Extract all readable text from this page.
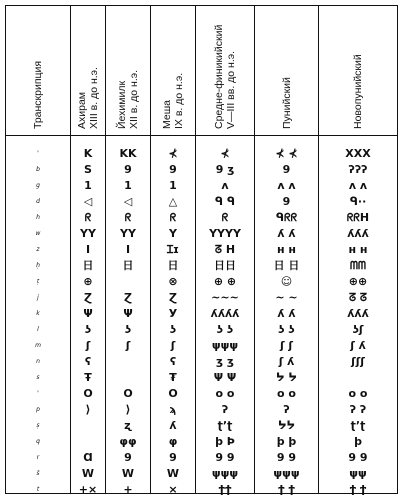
Транскрипция
'
b
g
d
h
w
z
ḥ
ṭ
j
k
l
m
n
s
'
p
ṣ
q
r
š
t
Ахирам XIII в. до н.э.
K
S
1
◁
ᖇ
YY
I
日
⊕
Ɀ
Ψ
ʖ
ʃ
ʕ
Ŧ
O
⟩
Ɑ
W
+×
Йехимилк XII в. до н.э.
KK
9
1
◁
ᖇ
YY
I
日
Ɀ
Ψ
ʖ
ʃ
O
⟩
ʐ
φφ
9
W
+
Меша IX в. до н.э.
⊀
9
1
△
ᖇ
Y
Ɪɪ
日
⊗
Ɀ
У
ʖ
ʃ
ʕ
₮
O
ϡ
ʎ
φ
9
W
×
Средне-финикийский V—III вв. до н.э.
⊀
9 ʒ
ʌ
ᑫ ᑫ
ᖇ
YYYY
ᘔ H
日日
⊕ ⊕
~~~
ʎʎʎʎ
ʖ ʖ
ψψψ
ʒ ʒ
Ψ Ψ
o o
ʔ
ʈʼʈ
ϸ Ϸ
9 9
ψψψ
ϯϯ
Пунийский
⊀ ⊀
9
ʌ ʌ
9
ᑫᖇᖇ
ʎ ʎ
н н
日 日
☺
~ ~
ʎ ʎ
ʖ ʖ
ʃ ʃ
ʃ ʎ
ᔭ ᔭ
o o
ʔ
ᔭᔭ
ϸ ϸ
9 9
ψψψ
ϯ ϯ
Новопунийский
XXX
ʔʔʔ
ʌ ʌ
ᑫ··
ᖇᖇH
ʎʎʎ
ʜ ʜ
ᗰᗰ
⊕⊕
ᘔ ᘔ
ʎʎʎ
ʖʃ
ʃ ʎ
ʃʃʃ
o o
ʔ ʔ
ʈʼʈ
ϸ
9 9
ψψ
ϯ ϯ
